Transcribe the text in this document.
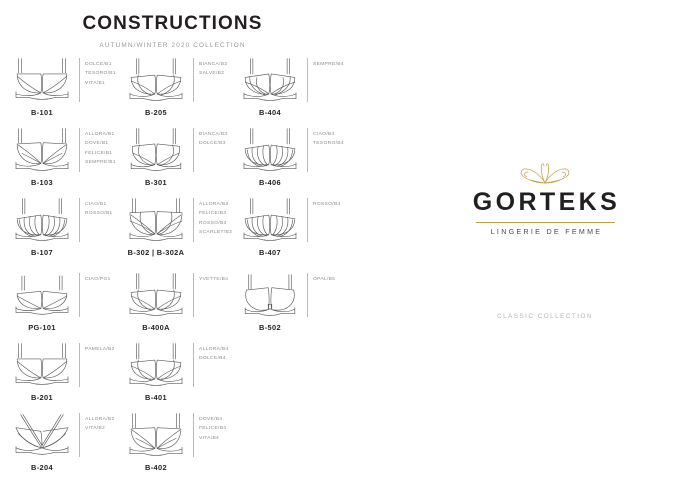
CONSTRUCTIONS
AUTUMN/WINTER 2020 COLLECTION
B-101
DOLCE/B1
TESORO/B1
VITA/B1
B-205
BIANCA/B2
SALVE/B2
B-404
SEMPRE/B4
B-103
ALLORA/B1
DOVE/B1
FELICE/B1
SEMPRE/B1
B-301
BIANCA/B3
DOLCE/B3
B-406
CIAO/B4
TESORO/B4
B-107
CIAO/B1
ROSSO/B1
B-302 | B-302A
ALLORA/B3
FELICE/B3
ROSSO/B3
SCARLET/B3
B-407
ROSSO/B4
PG-101
CIAO/PG1
B-400A
YVETTE/B4
B-502
OPAL/B5
B-201
PAMELA/B2
B-401
ALLORA/B4
DOLCE/B4
B-204
ALLORA/B2
VITA/B2
B-402
DOVE/B4
FELICE/B4
VITA/B4
GORTEKS
LINGERIE DE FEMME
CLASSIC COLLECTION
